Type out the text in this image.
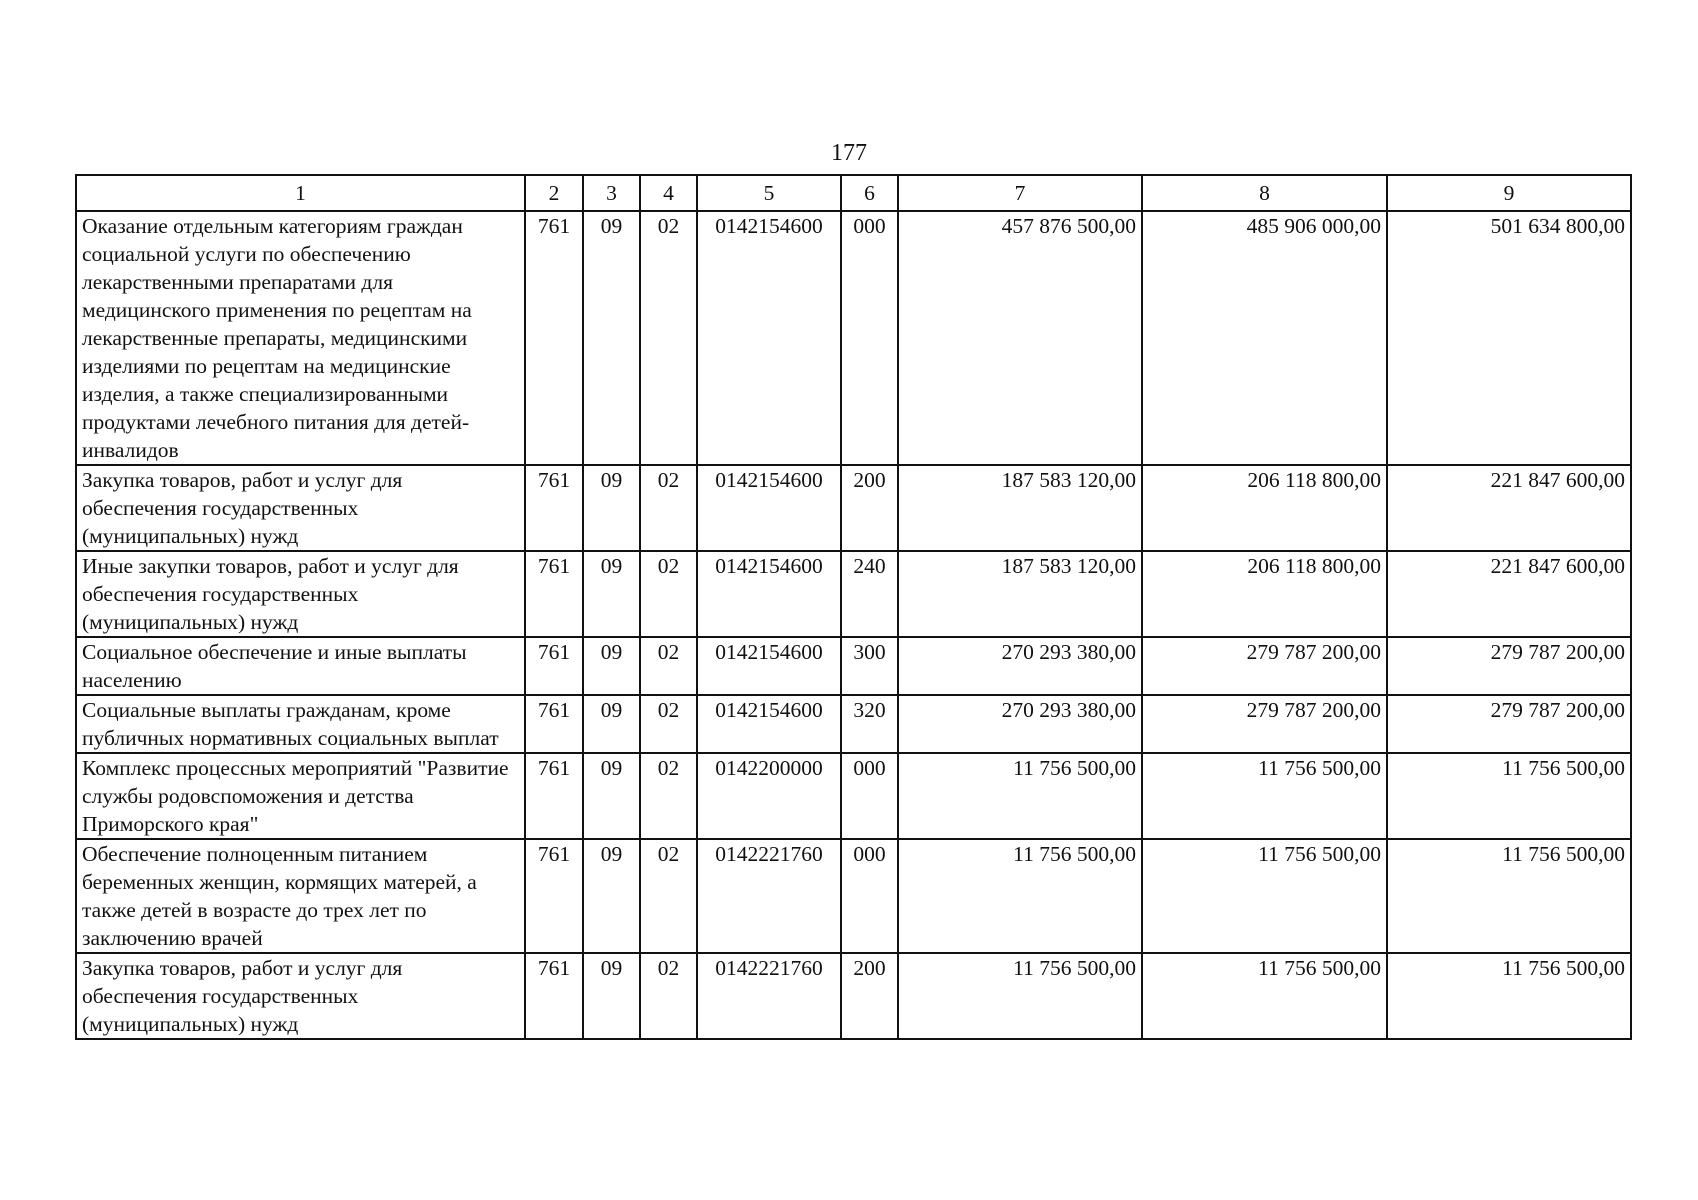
177
1	2	3	4	5	6	7	8	9
Оказание отдельным категориям граждан социальной услуги по обеспечению лекарственными препаратами для медицинского применения по рецептам на лекарственные препараты, медицинскими изделиями по рецептам на медицинские изделия, а также специализированными продуктами лечебного питания для детей-инвалидов	761	09	02	0142154600	000	457 876 500,00	485 906 000,00	501 634 800,00
Закупка товаров, работ и услуг для обеспечения государственных (муниципальных) нужд	761	09	02	0142154600	200	187 583 120,00	206 118 800,00	221 847 600,00
Иные закупки товаров, работ и услуг для обеспечения государственных (муниципальных) нужд	761	09	02	0142154600	240	187 583 120,00	206 118 800,00	221 847 600,00
Социальное обеспечение и иные выплаты населению	761	09	02	0142154600	300	270 293 380,00	279 787 200,00	279 787 200,00
Социальные выплаты гражданам, кроме публичных нормативных социальных выплат	761	09	02	0142154600	320	270 293 380,00	279 787 200,00	279 787 200,00
Комплекс процессных мероприятий "Развитие службы родовспоможения и детства Приморского края"	761	09	02	0142200000	000	11 756 500,00	11 756 500,00	11 756 500,00
Обеспечение полноценным питанием беременных женщин, кормящих матерей, а также детей в возрасте до трех лет по заключению врачей	761	09	02	0142221760	000	11 756 500,00	11 756 500,00	11 756 500,00
Закупка товаров, работ и услуг для обеспечения государственных (муниципальных) нужд	761	09	02	0142221760	200	11 756 500,00	11 756 500,00	11 756 500,00
